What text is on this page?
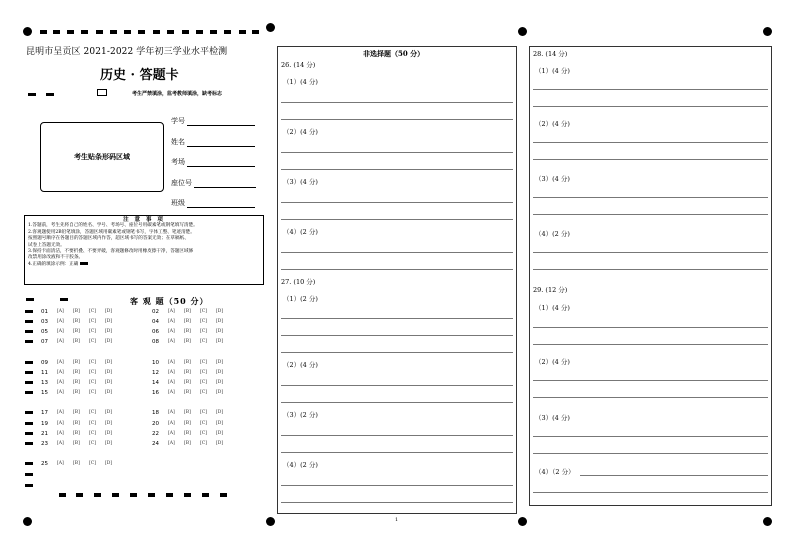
昆明市呈贡区 2021-2022 学年初三学业水平检测
历史 · 答题卡
考生严禁填涂，监考教师填涂，缺考标志
考生贴条形码区域
学号
姓名
考场
座位号
班级
注 意 事 项
1.答题前，考生先将自己的姓名、学号、考场号、座位号用碳素笔或钢笔填写清楚。
2.客观题使用2B铅笔填涂，答题区域用碳素笔或钢笔书写，字体工整、笔迹清楚。
按照题号顺序在各题目的答题区域内作答，超区域书写的答案无效；在草稿纸、
试卷上答题无效。
3.保持卡面清洁，不要折叠、不要弄破，客观题修改时用橡皮擦干净，答题区域修
改禁用涂改液和不干胶条。
4.正确的填涂示例：正确
客 观 题（50 分）
01	[A]	[B]	[C]	[D]	02	[A]	[B]	[C]	[D]
03	[A]	[B]	[C]	[D]	04	[A]	[B]	[C]	[D]
05	[A]	[B]	[C]	[D]	06	[A]	[B]	[C]	[D]
07	[A]	[B]	[C]	[D]	08	[A]	[B]	[C]	[D]
09	[A]	[B]	[C]	[D]	10	[A]	[B]	[C]	[D]
11	[A]	[B]	[C]	[D]	12	[A]	[B]	[C]	[D]
13	[A]	[B]	[C]	[D]	14	[A]	[B]	[C]	[D]
15	[A]	[B]	[C]	[D]	16	[A]	[B]	[C]	[D]
17	[A]	[B]	[C]	[D]	18	[A]	[B]	[C]	[D]
19	[A]	[B]	[C]	[D]	20	[A]	[B]	[C]	[D]
21	[A]	[B]	[C]	[D]	22	[A]	[B]	[C]	[D]
23	[A]	[B]	[C]	[D]	24	[A]	[B]	[C]	[D]
25	[A]	[B]	[C]	[D]
非选择题（50 分）
26. (14 分)
（1）(4 分)
（2）(4 分)
（3）(4 分)
（4）(2 分)
27. (10 分)
（1）(2 分)
（2）(4 分)
（3）(2 分)
（4）(2 分)
1
28. (14 分)
（1）(4 分)
（2）(4 分)
（3）(4 分)
（4）(2 分)
29. (12 分)
（1）(4 分)
（2）(4 分)
（3）(4 分)
（4）（2 分）
